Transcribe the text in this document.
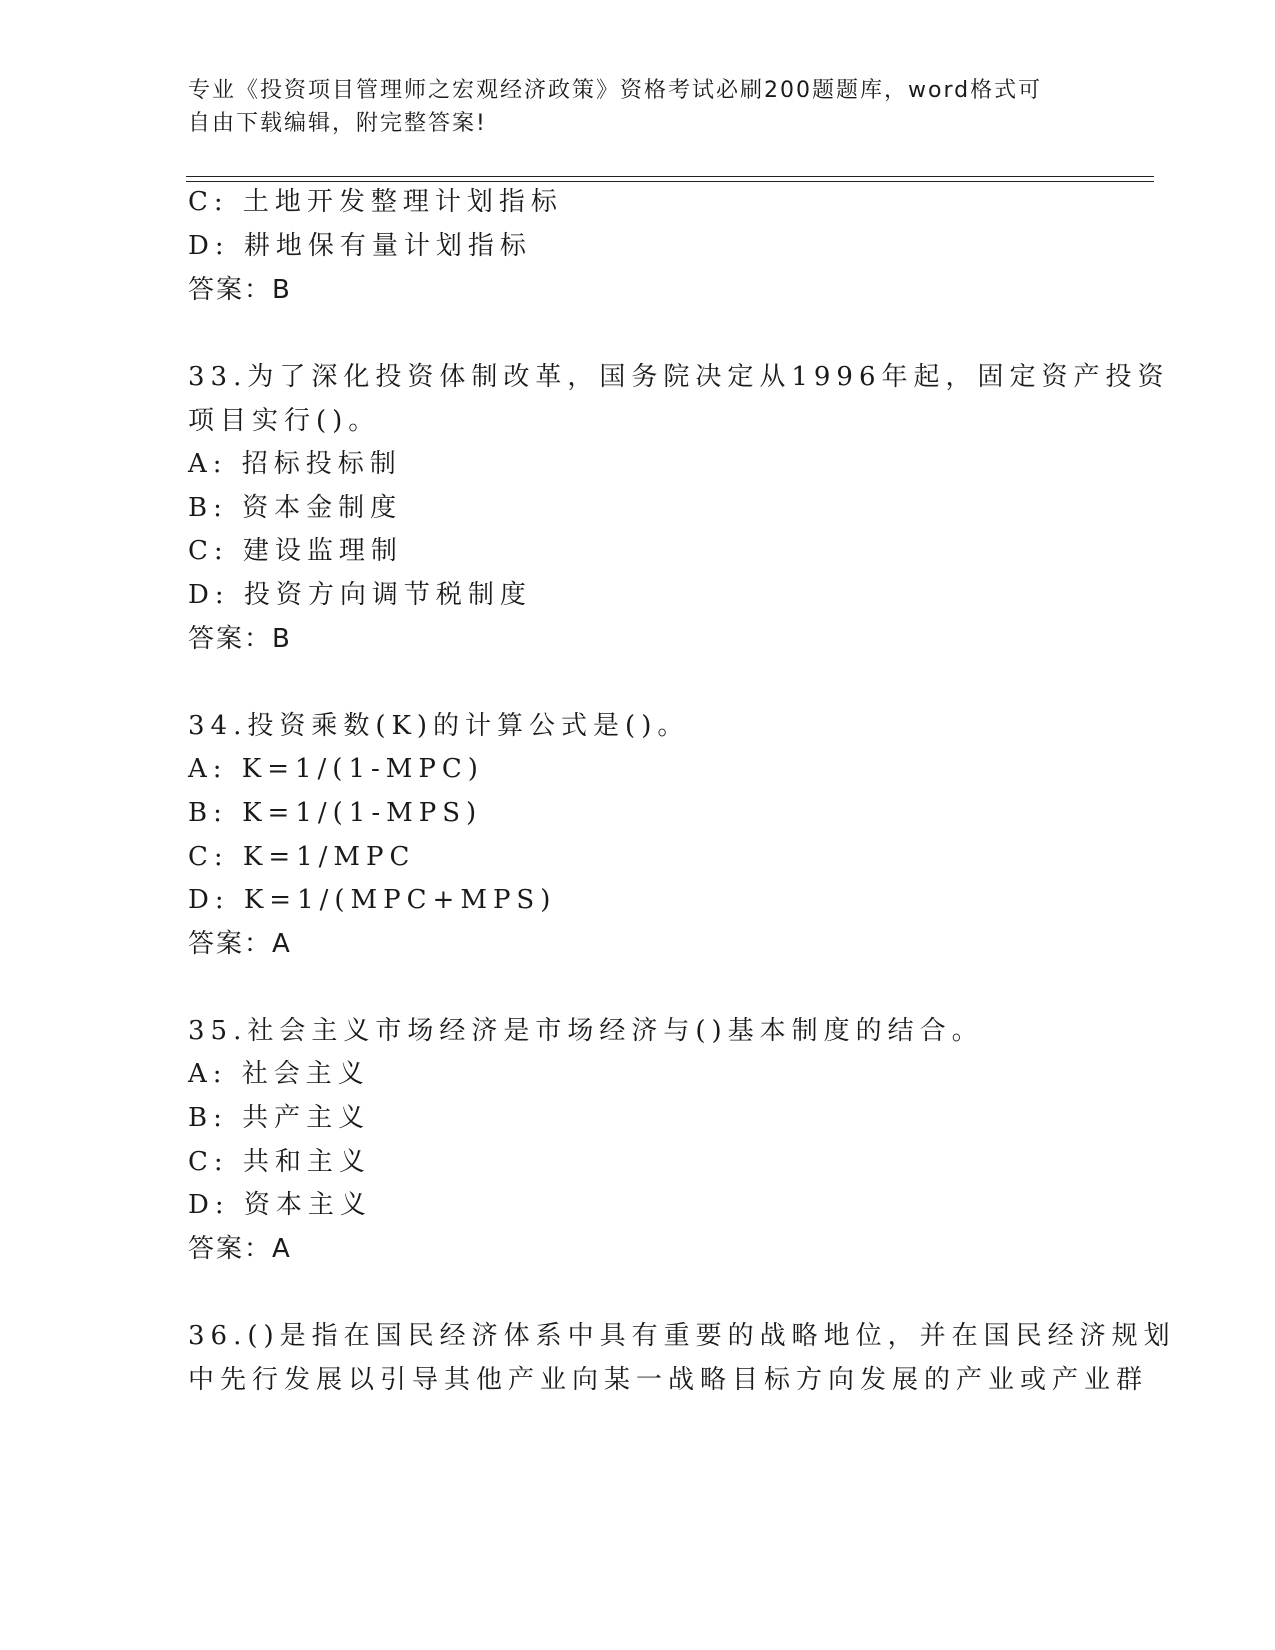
专业《投资项目管理师之宏观经济政策》资格考试必刷200题题库，word格式可
自由下载编辑，附完整答案!
C: 土地开发整理计划指标
D: 耕地保有量计划指标
答案：B
33.为了深化投资体制改革，国务院决定从1996年起，固定资产投资
项目实行()。
A: 招标投标制
B: 资本金制度
C: 建设监理制
D: 投资方向调节税制度
答案：B
34.投资乘数(K)的计算公式是()。
A: K=1/(1-MPC)
B: K=1/(1-MPS)
C: K=1/MPC
D: K=1/(MPC+MPS)
答案：A
35.社会主义市场经济是市场经济与()基本制度的结合。
A: 社会主义
B: 共产主义
C: 共和主义
D: 资本主义
答案：A
36.()是指在国民经济体系中具有重要的战略地位，并在国民经济规划
中先行发展以引导其他产业向某一战略目标方向发展的产业或产业群
